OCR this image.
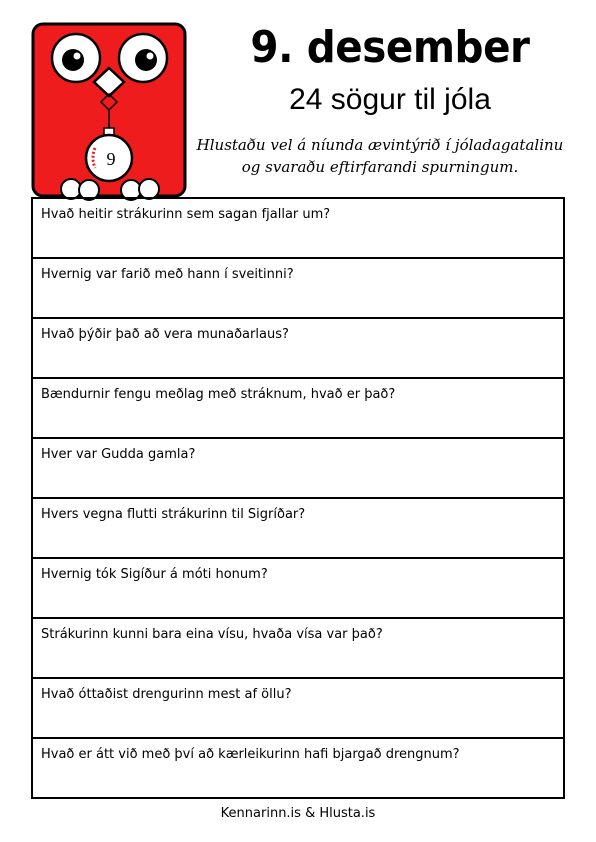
9
9. desember
24 sögur til jóla
Hlustaðu vel á níunda ævintýrið í jóladagatalinu
og svaraðu eftirfarandi spurningum.
Hvað heitir strákurinn sem sagan fjallar um?
Hvernig var farið með hann í sveitinni?
Hvað þýðir það að vera munaðarlaus?
Bændurnir fengu meðlag með stráknum, hvað er það?
Hver var Gudda gamla?
Hvers vegna flutti strákurinn til Sigríðar?
Hvernig tók Sigíður á móti honum?
Strákurinn kunni bara eina vísu, hvaða vísa var það?
Hvað óttaðist drengurinn mest af öllu?
Hvað er átt við með því að kærleikurinn hafi bjargað drengnum?
Kennarinn.is & Hlusta.is
